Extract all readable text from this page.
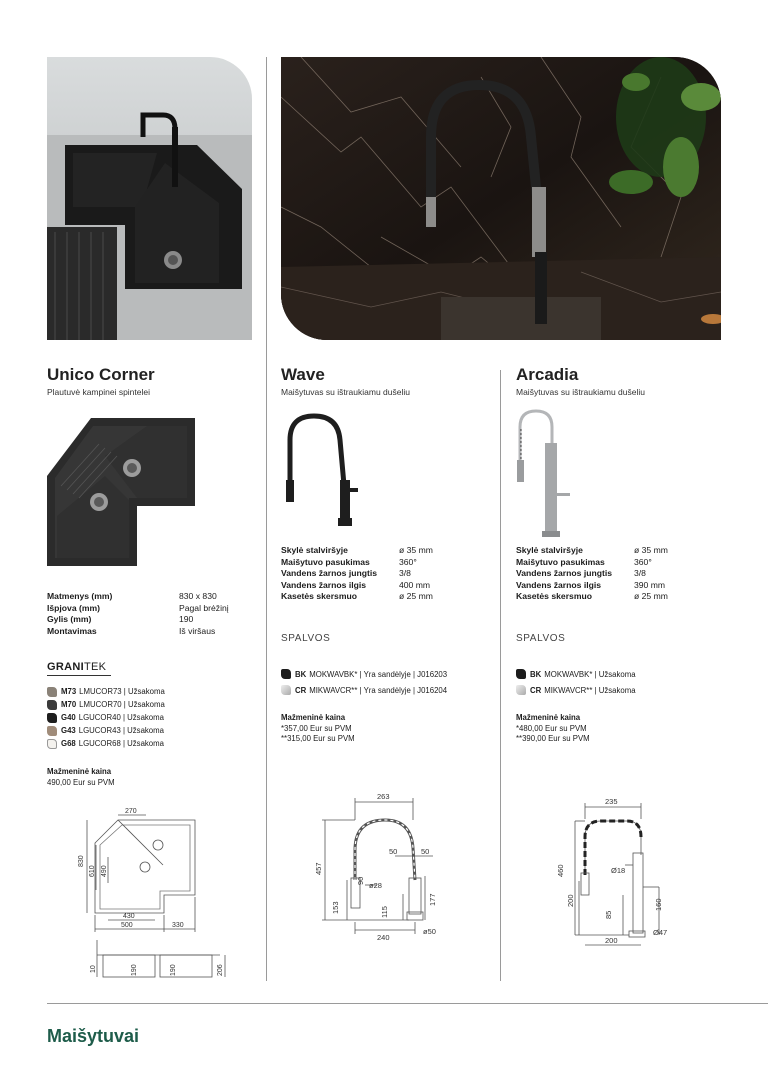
Unico Corner
Plautuvė kampinei spintelei
Matmenys (mm)	830 x 830
Išpjova (mm)	Pagal brėžinį
Gylis (mm)	190
Montavimas	Iš viršaus
GRANITEK
M73 LMUCOR73 | Užsakoma
M70 LMUCOR70 | Užsakoma
G40 LGUCOR40 | Užsakoma
G43 LGUCOR43 | Užsakoma
G68 LGUCOR68 | Užsakoma
Mažmeninė kaina
490,00 Eur su PVM
270
830
610 490
430
500	330
10	190	190	206
Wave
Maišytuvas su ištraukiamu dušeliu
Skylė stalviršyje	ø 35 mm
Maišytuvo pasukimas	360°
Vandens žarnos jungtis	3/8
Vandens žarnos ilgis	400 mm
Kasetės skersmuo	ø 25 mm
SPALVOS
BK MOKWAVBK* | Yra sandėlyje | J016203
CR MIKWAVCR** | Yra sandėlyje | J016204
Mažmeninė kaina
*357,00 Eur su PVM
**315,00 Eur su PVM
263
457
50	50
90
ø28
153
177
115
240
ø50
Arcadia
Maišytuvas su ištraukiamu dušeliu
Skylė stalviršyje	ø 35 mm
Maišytuvo pasukimas	360°
Vandens žarnos jungtis	3/8
Vandens žarnos ilgis	390 mm
Kasetės skersmuo	ø 25 mm
SPALVOS
BK MOKWAVBK* | Užsakoma
CR MIKWAVCR** | Užsakoma
Mažmeninė kaina
*480,00 Eur su PVM
**390,00 Eur su PVM
235
460	Ø18
200
85
160
200
Ø47
Maišytuvai
